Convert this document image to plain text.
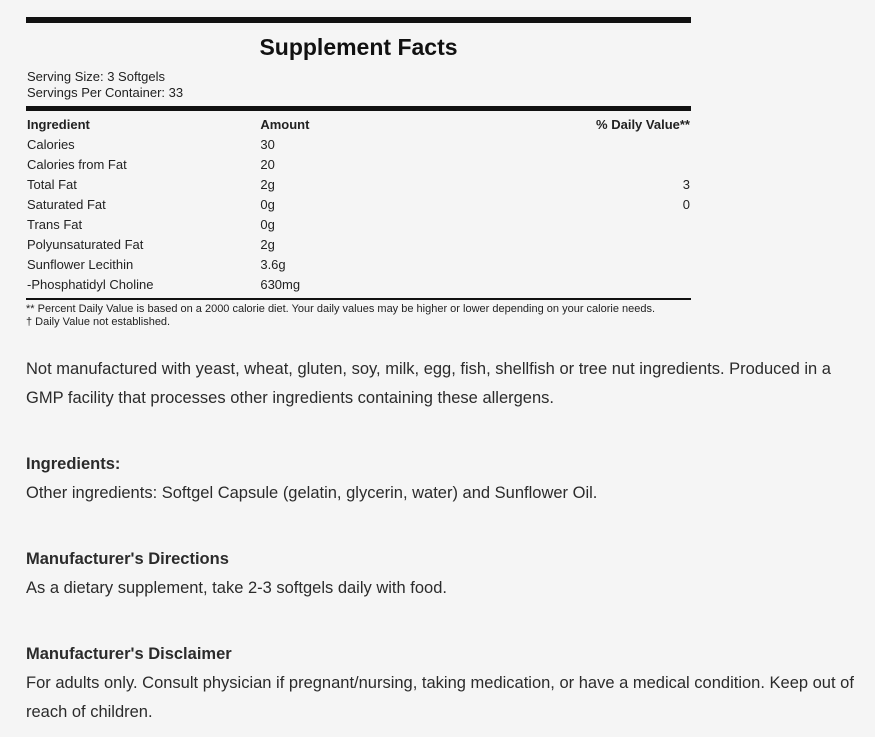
Supplement Facts
Serving Size: 3 Softgels
Servings Per Container: 33
Ingredient	Amount	% Daily Value**
Calories	30	
Calories from Fat	20	
Total Fat	2g	3
Saturated Fat	0g	0
Trans Fat	0g	
Polyunsaturated Fat	2g	
Sunflower Lecithin	3.6g	
-Phosphatidyl Choline	630mg	
** Percent Daily Value is based on a 2000 calorie diet. Your daily values may be higher or lower depending on your calorie needs.
† Daily Value not established.
Not manufactured with yeast, wheat, gluten, soy, milk, egg, fish, shellfish or tree nut ingredients. Produced in a GMP facility that processes other ingredients containing these allergens.
Ingredients:
Other ingredients: Softgel Capsule (gelatin, glycerin, water) and Sunflower Oil.
Manufacturer's Directions
As a dietary supplement, take 2-3 softgels daily with food.
Manufacturer's Disclaimer
For adults only. Consult physician if pregnant/nursing, taking medication, or have a medical condition. Keep out of reach of children.
